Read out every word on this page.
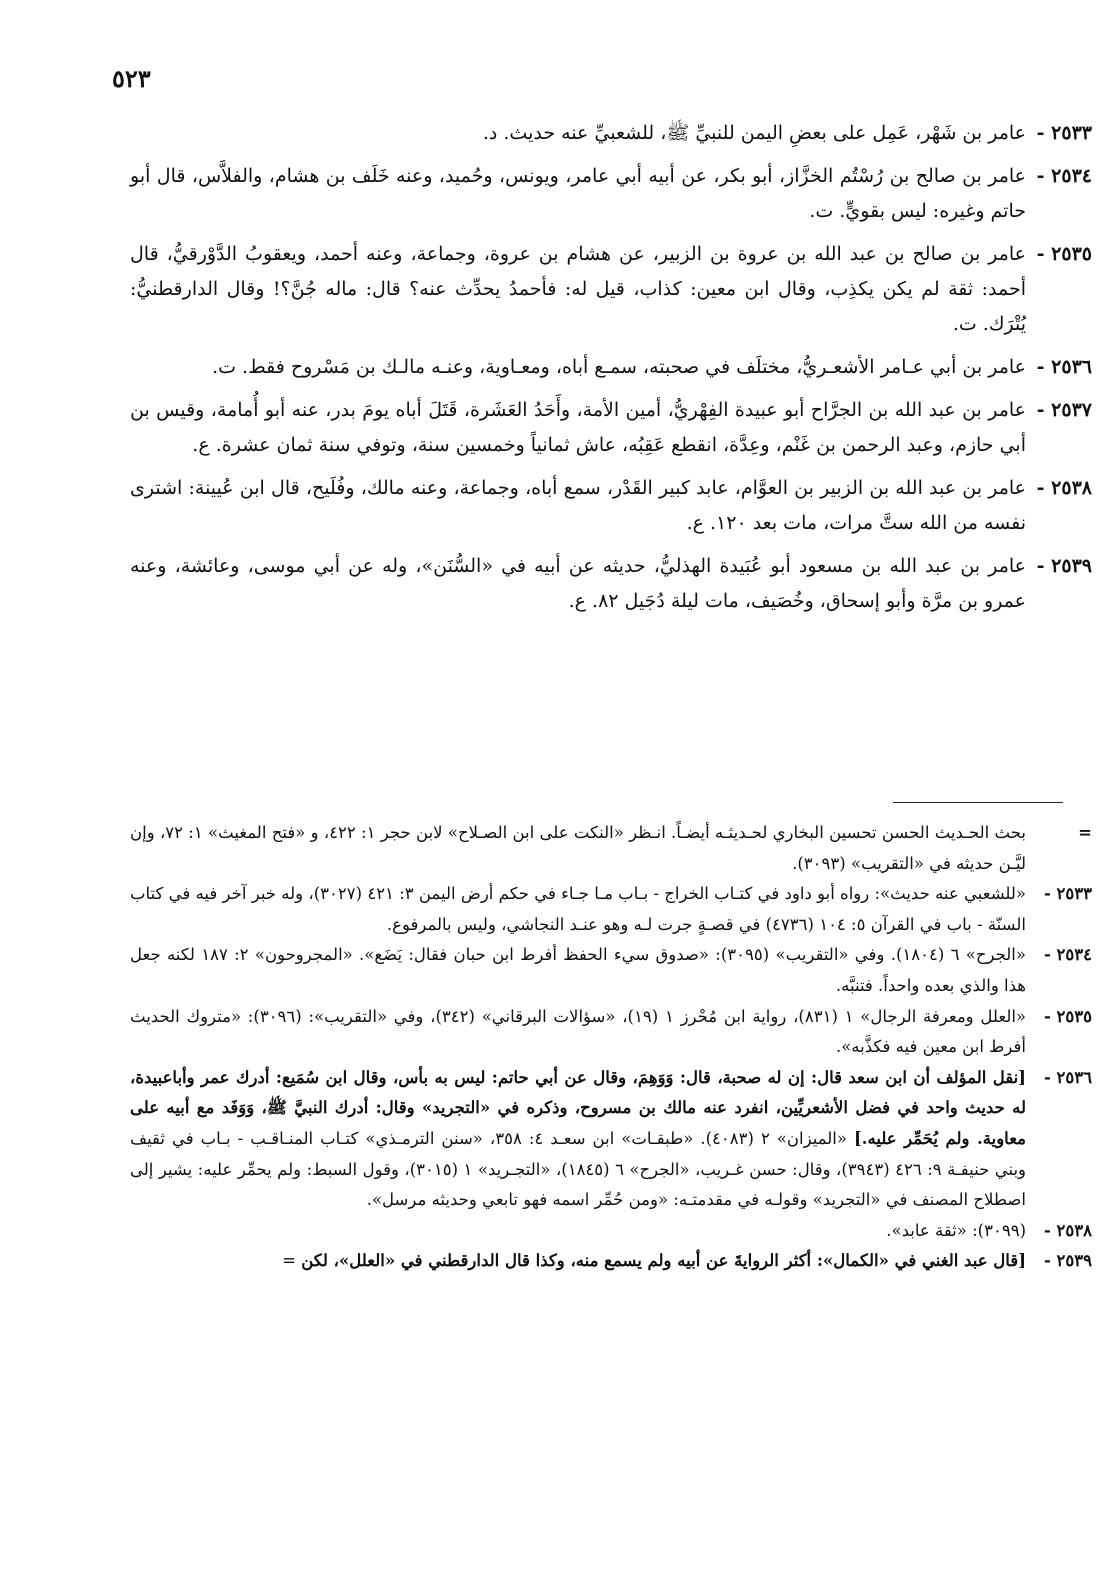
٥٢٣
٢٥٣٣ -
عامر بن شَهْر، عَمِل على بعضِ اليمن للنبيِّ ﷺ، للشعبيِّ عنه حديث. د.
٢٥٣٤ -
عامر بن صالح بن رُسْتُم الخزَّاز، أبو بكر، عن أبيه أبي عامر، ويونس، وحُميد، وعنه خَلَف بن هشام، والفلاَّس، قال أبو حاتم وغيره: ليس بقويٍّ. ت.
٢٥٣٥ -
عامر بن صالح بن عبد الله بن عروة بن الزبير، عن هشام بن عروة، وجماعة، وعنه أحمد، ويعقوبُ الدَّوْرقيُّ، قال أحمد: ثقة لم يكن يكذِب، وقال ابن معين: كذاب، قيل له: فأحمدُ يحدِّث عنه؟ قال: ماله جُنَّ؟! وقال الدارقطنيُّ: يُتْرَك. ت.
٢٥٣٦ -
عامر بن أبي عـامر الأشعـريُّ، مختلَف في صحبته، سمـع أباه، ومعـاوية، وعنـه مالـك بن مَسْروح فقط. ت.
٢٥٣٧ -
عامر بن عبد الله بن الجرَّاح أبو عبيدة الفِهْريُّ، أمين الأمة، وأَحَدُ العَشَرة، قَتَلَ أباه يومَ بدر، عنه أبو أُمامة، وقيس بن أبي حازم، وعبد الرحمن بن غَنْم، وعِدَّة، انقطع عَقِبُه، عاش ثمانياً وخمسين سنة، وتوفي سنة ثمان عشرة. ع.
٢٥٣٨ -
عامر بن عبد الله بن الزبير بن العوَّام، عابد كبير القَدْر، سمع أباه، وجماعة، وعنه مالك، وفُلَيح، قال ابن عُيينة: اشترى نفسه من الله ستَّ مرات، مات بعد ١٢٠. ع.
٢٥٣٩ -
عامر بن عبد الله بن مسعود أبو عُبَيدة الهذليُّ، حديثه عن أبيه في «السُّنَن»، وله عن أبي موسى، وعائشة، وعنه عمرو بن مرَّة وأبو إسحاق، وخُصَيف، مات ليلة دُجَيل ٨٢. ع.
=
بحث الحـديث الحسن تحسين البخاري لحـديثـه أيضـاً. انـظر «النكت على ابن الصـلاح» لابن حجر ١: ٤٢٢، و «فتح المغيث» ١: ٧٢، وإن ليَّـن حديثه في «التقريب» (٣٠٩٣).
٢٥٣٣ -
«للشعبي عنه حديث»: رواه أبو داود في كتـاب الخراج - بـاب مـا جـاء في حكم أرض اليمن ٣: ٤٢١ (٣٠٢٧)، وله خبر آخر فيه في كتاب السنّة - باب في القرآن ٥: ١٠٤ (٤٧٣٦) في قصـةٍ جرت لـه وهو عنـد النجاشي، وليس بالمرفوع.
٢٥٣٤ -
«الجرح» ٦ (١٨٠٤). وفي «التقريب» (٣٠٩٥): «صدوق سيء الحفظ أفرط ابن حبان فقال: يَضَع». «المجروحون» ٢: ١٨٧ لكنه جعل هذا والذي بعده واحداً. فتنبَّه.
٢٥٣٥ -
«العلل ومعرفة الرجال» ١ (٨٣١)، رواية ابن مُحْرز ١ (١٩)، «سؤالات البرقاني» (٣٤٢)، وفي «التقريب»: (٣٠٩٦): «متروك الحديث أفرط ابن معين فيه فكذَّبه».
٢٥٣٦ -
[نقل المؤلف أن ابن سعد قال: إن له صحبة، قال: وَوَهِمَ، وقال عن أبي حاتم: ليس به بأس، وقال ابن سُمَيع: أدرك عمر وأباعبيدة، له حديث واحد في فضل الأشعريِّين، انفرد عنه مالك بن مسروح، وذكره في «التجريد» وقال: أدرك النبيَّ ﷺ، وَوَفَد مع أبيه على معاوية. ولم يُحَمِّر عليه.] «الميزان» ٢ (٤٠٨٣). «طبقـات» ابن سعـد ٤: ٣٥٨، «سنن الترمـذي» كتـاب المنـاقـب - بـاب في ثقيف وبني حنيفـة ٩: ٤٢٦ (٣٩٤٣)، وقال: حسن غـريب، «الجرح» ٦ (١٨٤٥)، «التجـريد» ١ (٣٠١٥)، وقول السبط: ولم يحمِّر عليه: يشير إلى اصطلاح المصنف في «التجريد» وقولـه في مقدمتـه: «ومن حُمِّر اسمه فهو تابعي وحديثه مرسل».
٢٥٣٨ -
(٣٠٩٩): «ثقة عابد».
٢٥٣٩ -
[قال عبد الغني في «الكمال»: أكثر الروايةَ عن أبيه ولم يسمع منه، وكذا قال الدارقطني في «العلل»، لكن =
